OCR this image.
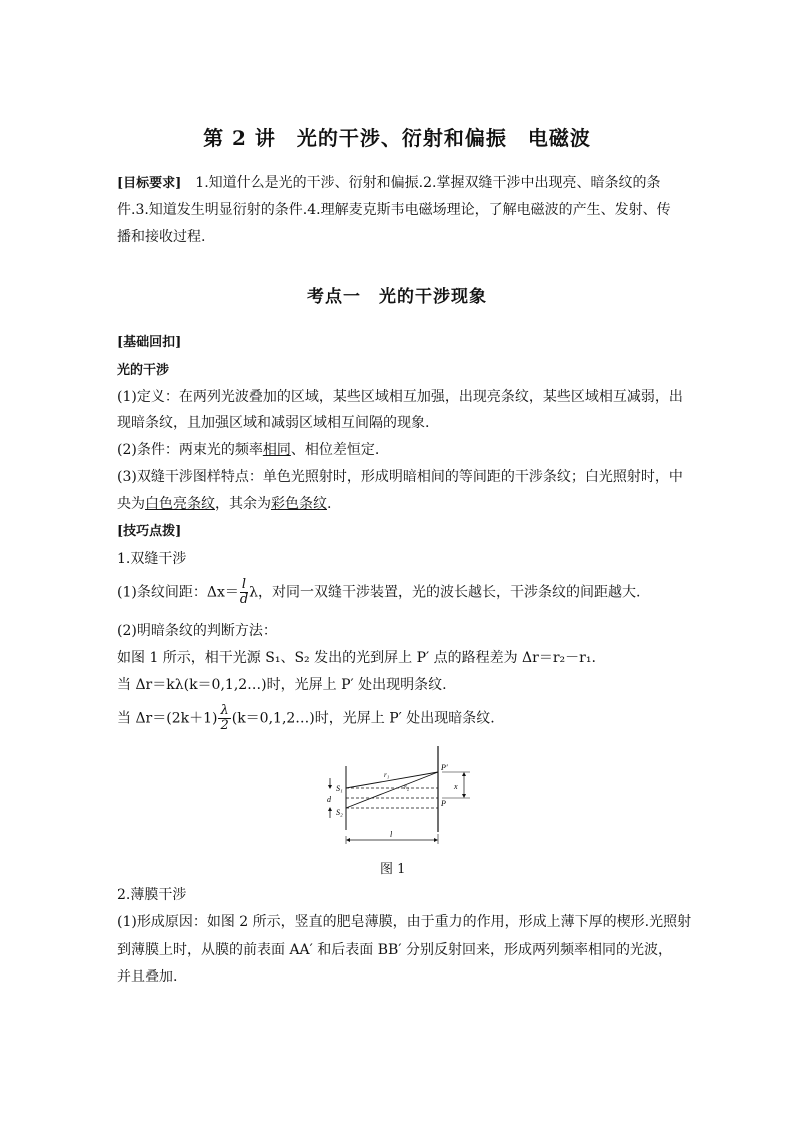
第 2 讲　光的干涉、衍射和偏振　电磁波
[目标要求]　1.知道什么是光的干涉、衍射和偏振.2.掌握双缝干涉中出现亮、暗条纹的条件.3.知道发生明显衍射的条件.4.理解麦克斯韦电磁场理论，了解电磁波的产生、发射、传播和接收过程.
考点一　光的干涉现象
[基础回扣]
光的干涉
(1)定义：在两列光波叠加的区域，某些区域相互加强，出现亮条纹，某些区域相互减弱，出
现暗条纹，且加强区域和减弱区域相互间隔的现象.
(2)条件：两束光的频率相同、相位差恒定.
(3)双缝干涉图样特点：单色光照射时，形成明暗相间的等间距的干涉条纹；白光照射时，中
央为白色亮条纹，其余为彩色条纹.
[技巧点拨]
1.双缝干涉
(1)条纹间距：$\Delta x= \frac{l}{d}$ λ，对同一双缝干涉装置，光的波长越长，干涉条纹的间距越大.
(2)明暗条纹的判断方法：
如图 1 所示，相干光源 S₁、S₂ 发出的光到屏上 P′ 点的路程差为 Δr＝r₂－r₁.
当 Δr＝kλ(k＝0,1,2…)时，光屏上 P′ 处出现明条纹.
当 $\Delta r=(2k+1) \frac{\lambda}{2}$ (k＝0,1,2…)时，光屏上 P′ 处出现暗条纹.
S₁
S₂
d
r₁
r₂
P′
P
x
l
图 1
2.薄膜干涉
(1)形成原因：如图 2 所示，竖直的肥皂薄膜，由于重力的作用，形成上薄下厚的楔形.光照射
到薄膜上时，从膜的前表面 AA′ 和后表面 BB′ 分别反射回来，形成两列频率相同的光波，
并且叠加.
